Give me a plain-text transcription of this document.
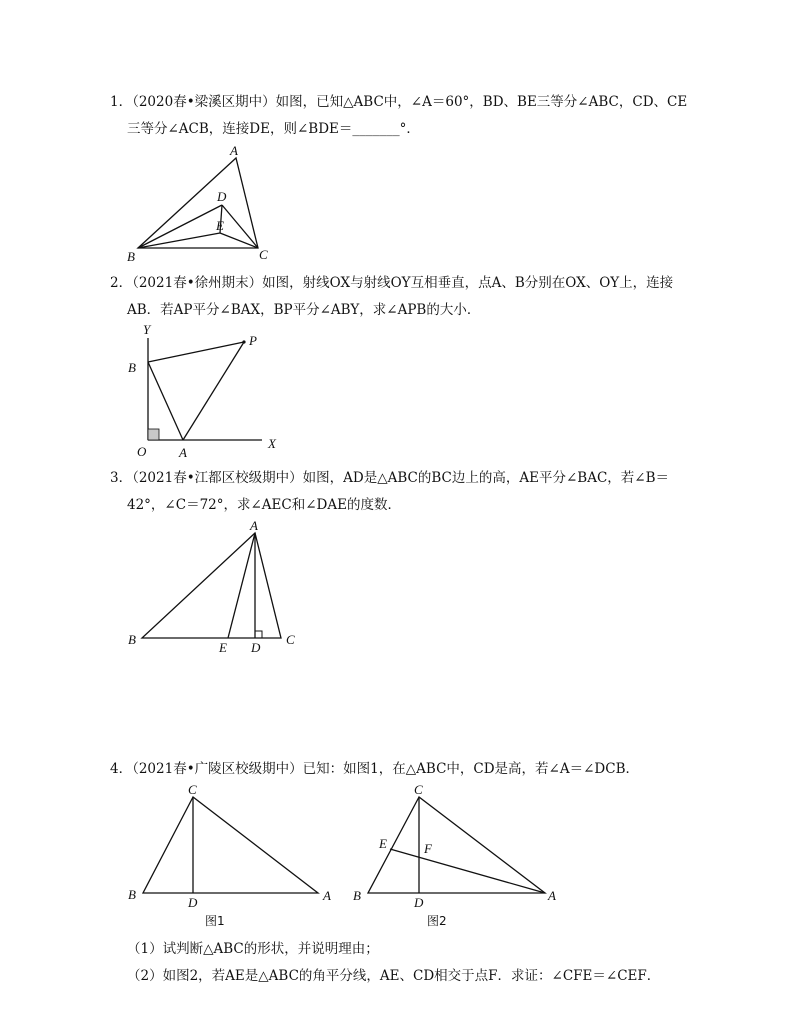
1．（2020春•梁溪区期中）如图，已知△ABC中，∠A＝60°，BD、BE三等分∠ABC，CD、CE
三等分∠ACB，连接DE，则∠BDE＝_______°．
A
B	C
D
E
2．（2021春•徐州期末）如图，射线OX与射线OY互相垂直，点A、B分别在OX、OY上，连接
AB．若AP平分∠BAX，BP平分∠ABY，求∠APB的大小．
Y
X
O	A
B
P
3．（2021春•江都区校级期中）如图，AD是△ABC的BC边上的高，AE平分∠BAC，若∠B＝
42°，∠C＝72°，求∠AEC和∠DAE的度数．
A
B	C
D
E
4．（2021春•广陵区校级期中）已知：如图1，在△ABC中，CD是高，若∠A＝∠DCB．
C
B	A
D
图1
C
B	A
D
E	F
图2
（1）试判断△ABC的形状，并说明理由；
（2）如图2，若AE是△ABC的角平分线，AE、CD相交于点F．求证：∠CFE＝∠CEF．
